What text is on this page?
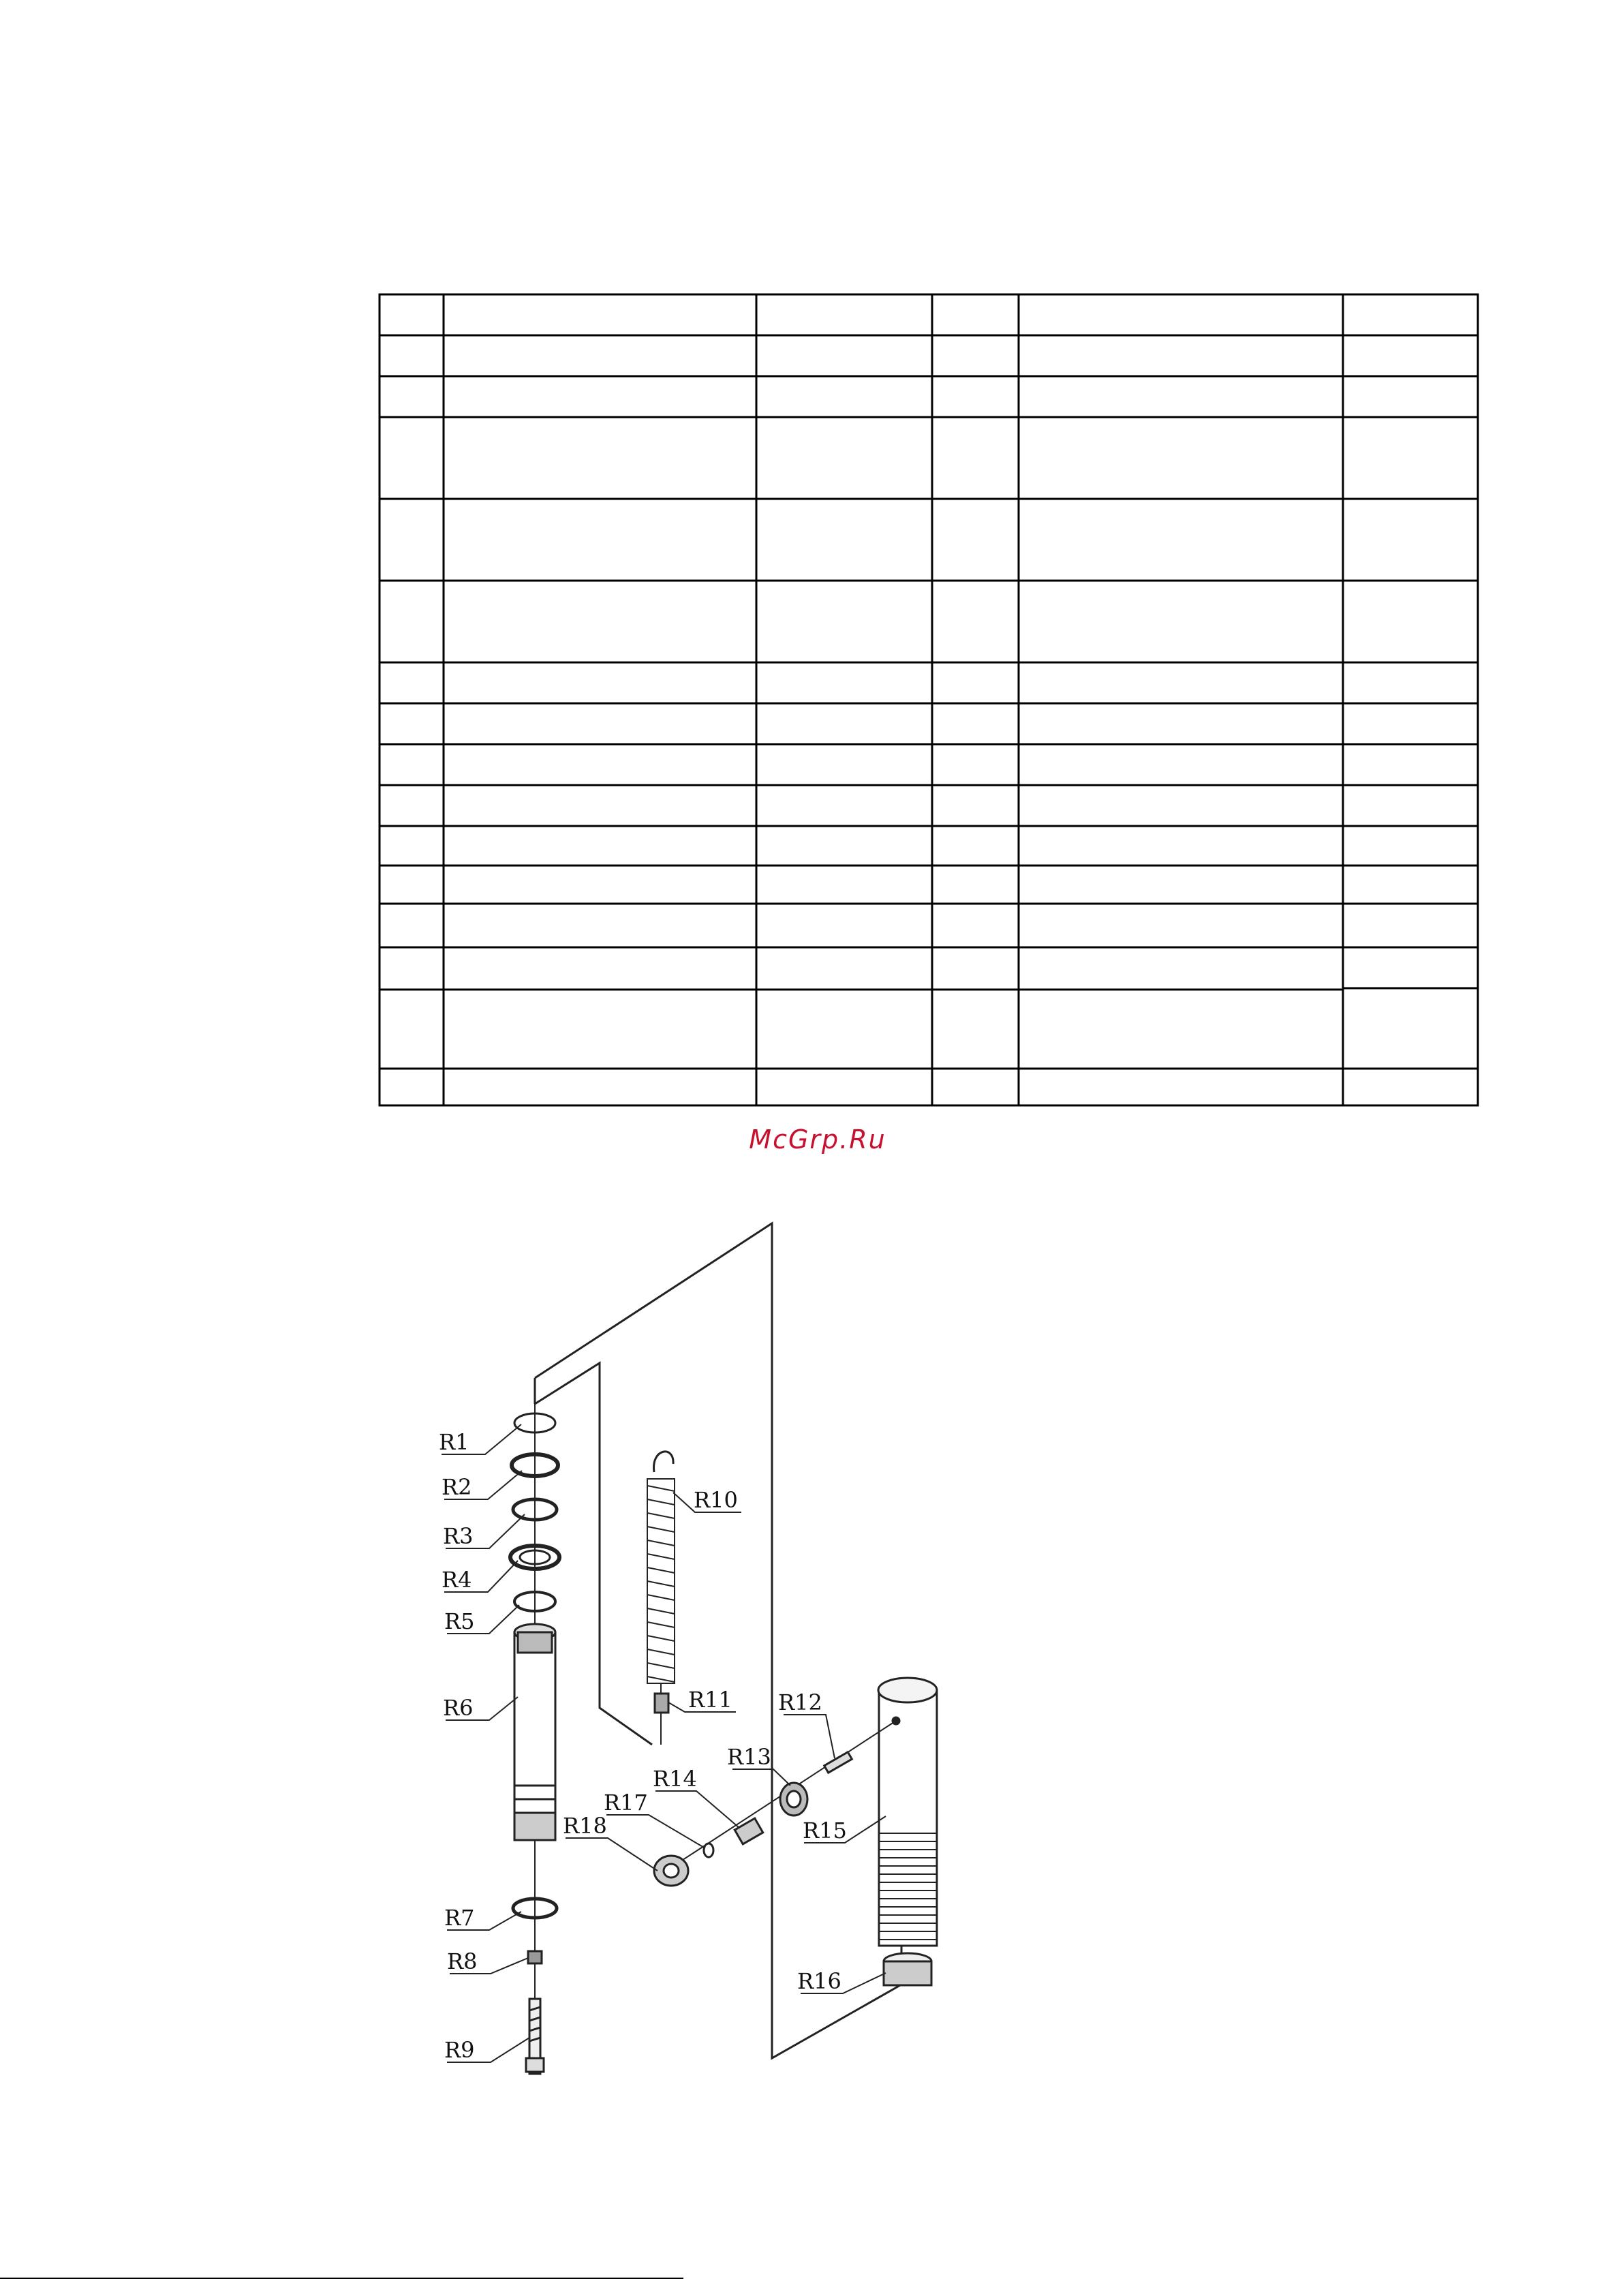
McGrp.Ru
R1
R2
R3
R4
R5
R6
R7
R8
R9
R10
R11 R12
R13
R14
R15
R16
R17
R18
